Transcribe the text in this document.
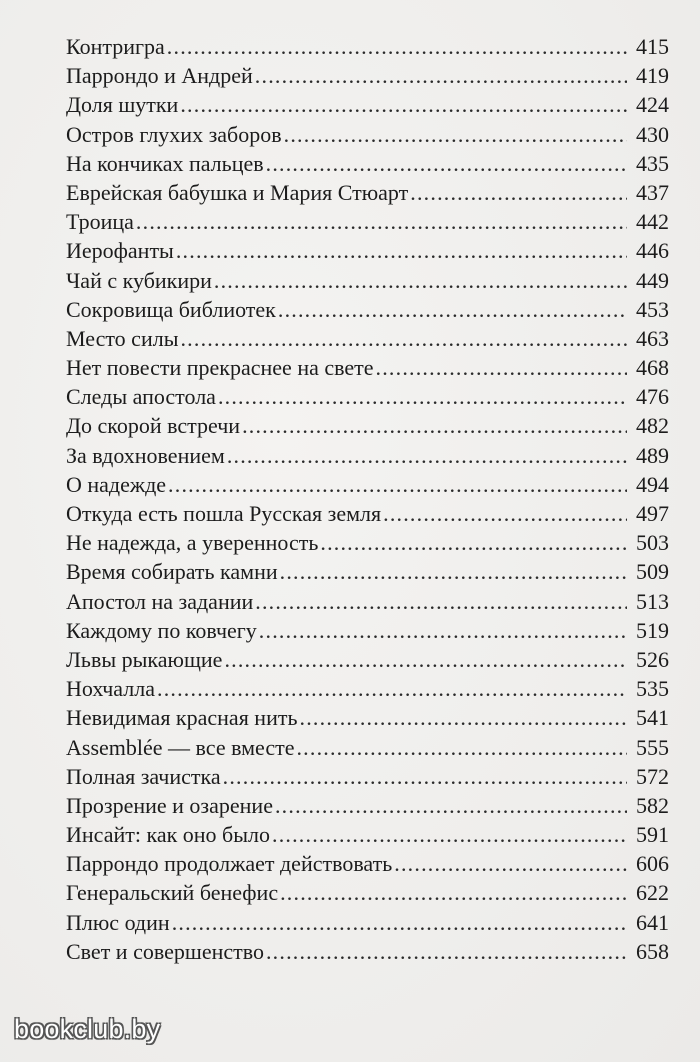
Контригра .....	415
Паррондо и Андрей .....	419
Доля шутки .....	424
Остров глухих заборов .....	430
На кончиках пальцев .....	435
Еврейская бабушка и Мария Стюарт .....	437
Троица .....	442
Иерофанты .....	446
Чай с кубикири .....	449
Сокровища библиотек .....	453
Место силы .....	463
Нет повести прекраснее на свете .....	468
Следы апостола .....	476
До скорой встречи .....	482
За вдохновением .....	489
О надежде .....	494
Откуда есть пошла Русская земля .....	497
Не надежда, а уверенность .....	503
Время собирать камни .....	509
Апостол на задании .....	513
Каждому по ковчегу .....	519
Львы рыкающие .....	526
Нохчалла .....	535
Невидимая красная нить .....	541
Assemblée — все вместе .....	555
Полная зачистка .....	572
Прозрение и озарение .....	582
Инсайт: как оно было .....	591
Паррондо продолжает действовать .....	606
Генеральский бенефис .....	622
Плюс один .....	641
Свет и совершенство .....	658
bookclub.by
